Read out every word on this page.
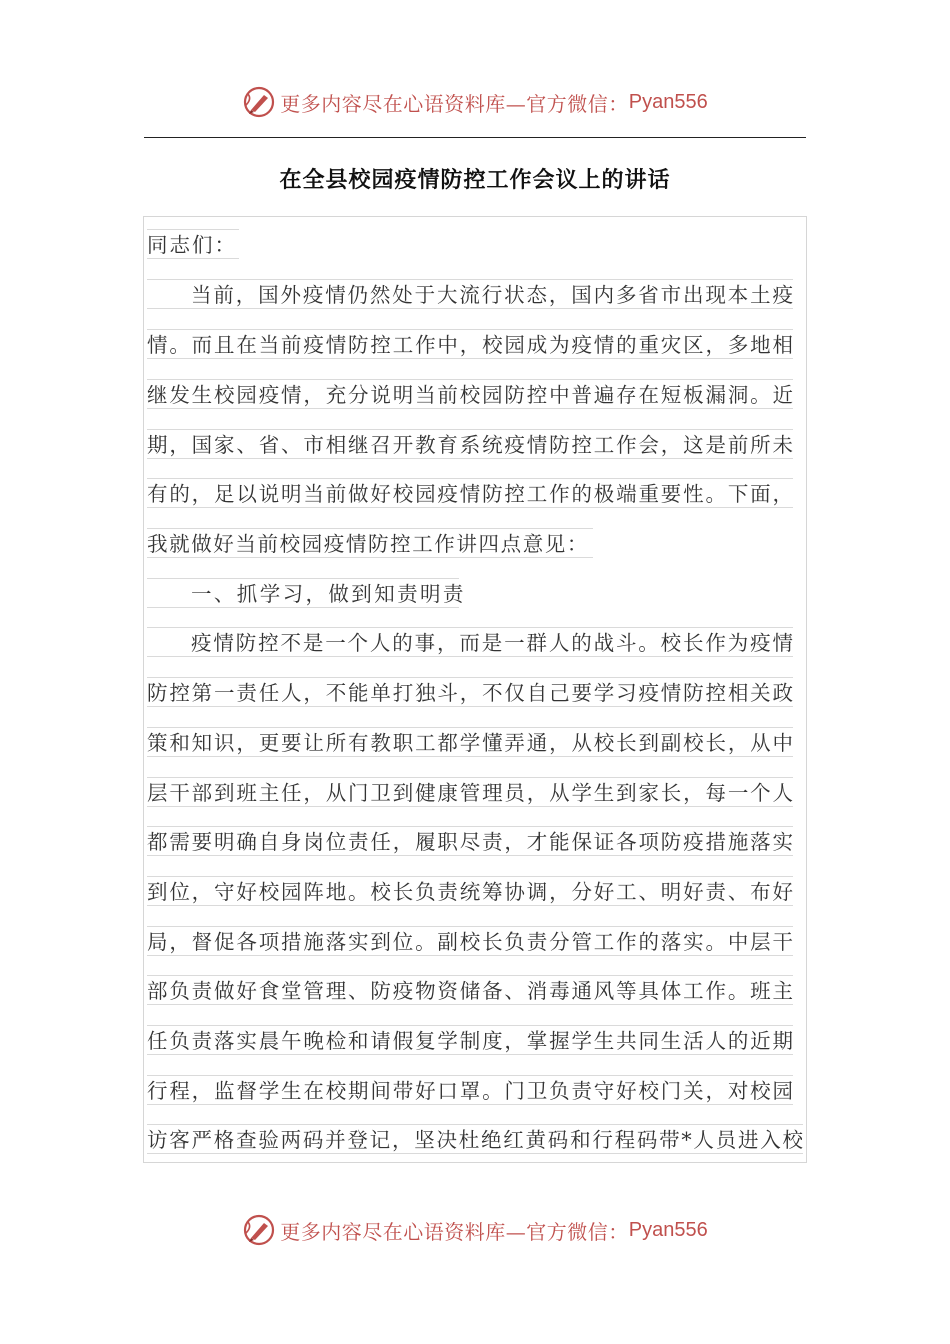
更多内容尽在心语资料库—官方微信： Pyan556
在全县校园疫情防控工作会议上的讲话
同志们：
当前，国外疫情仍然处于大流行状态，国内多省市出现本土疫
情。而且在当前疫情防控工作中，校园成为疫情的重灾区，多地相
继发生校园疫情，充分说明当前校园防控中普遍存在短板漏洞。近
期，国家、省、市相继召开教育系统疫情防控工作会，这是前所未
有的，足以说明当前做好校园疫情防控工作的极端重要性。下面，
我就做好当前校园疫情防控工作讲四点意见：
一、抓学习，做到知责明责
疫情防控不是一个人的事，而是一群人的战斗。校长作为疫情
防控第一责任人，不能单打独斗，不仅自己要学习疫情防控相关政
策和知识，更要让所有教职工都学懂弄通，从校长到副校长，从中
层干部到班主任，从门卫到健康管理员，从学生到家长，每一个人
都需要明确自身岗位责任，履职尽责，才能保证各项防疫措施落实
到位，守好校园阵地。校长负责统筹协调，分好工、明好责、布好
局，督促各项措施落实到位。副校长负责分管工作的落实。中层干
部负责做好食堂管理、防疫物资储备、消毒通风等具体工作。班主
任负责落实晨午晚检和请假复学制度，掌握学生共同生活人的近期
行程，监督学生在校期间带好口罩。门卫负责守好校门关，对校园
访客严格查验两码并登记，坚决杜绝红黄码和行程码带*人员进入校
更多内容尽在心语资料库—官方微信： Pyan556
